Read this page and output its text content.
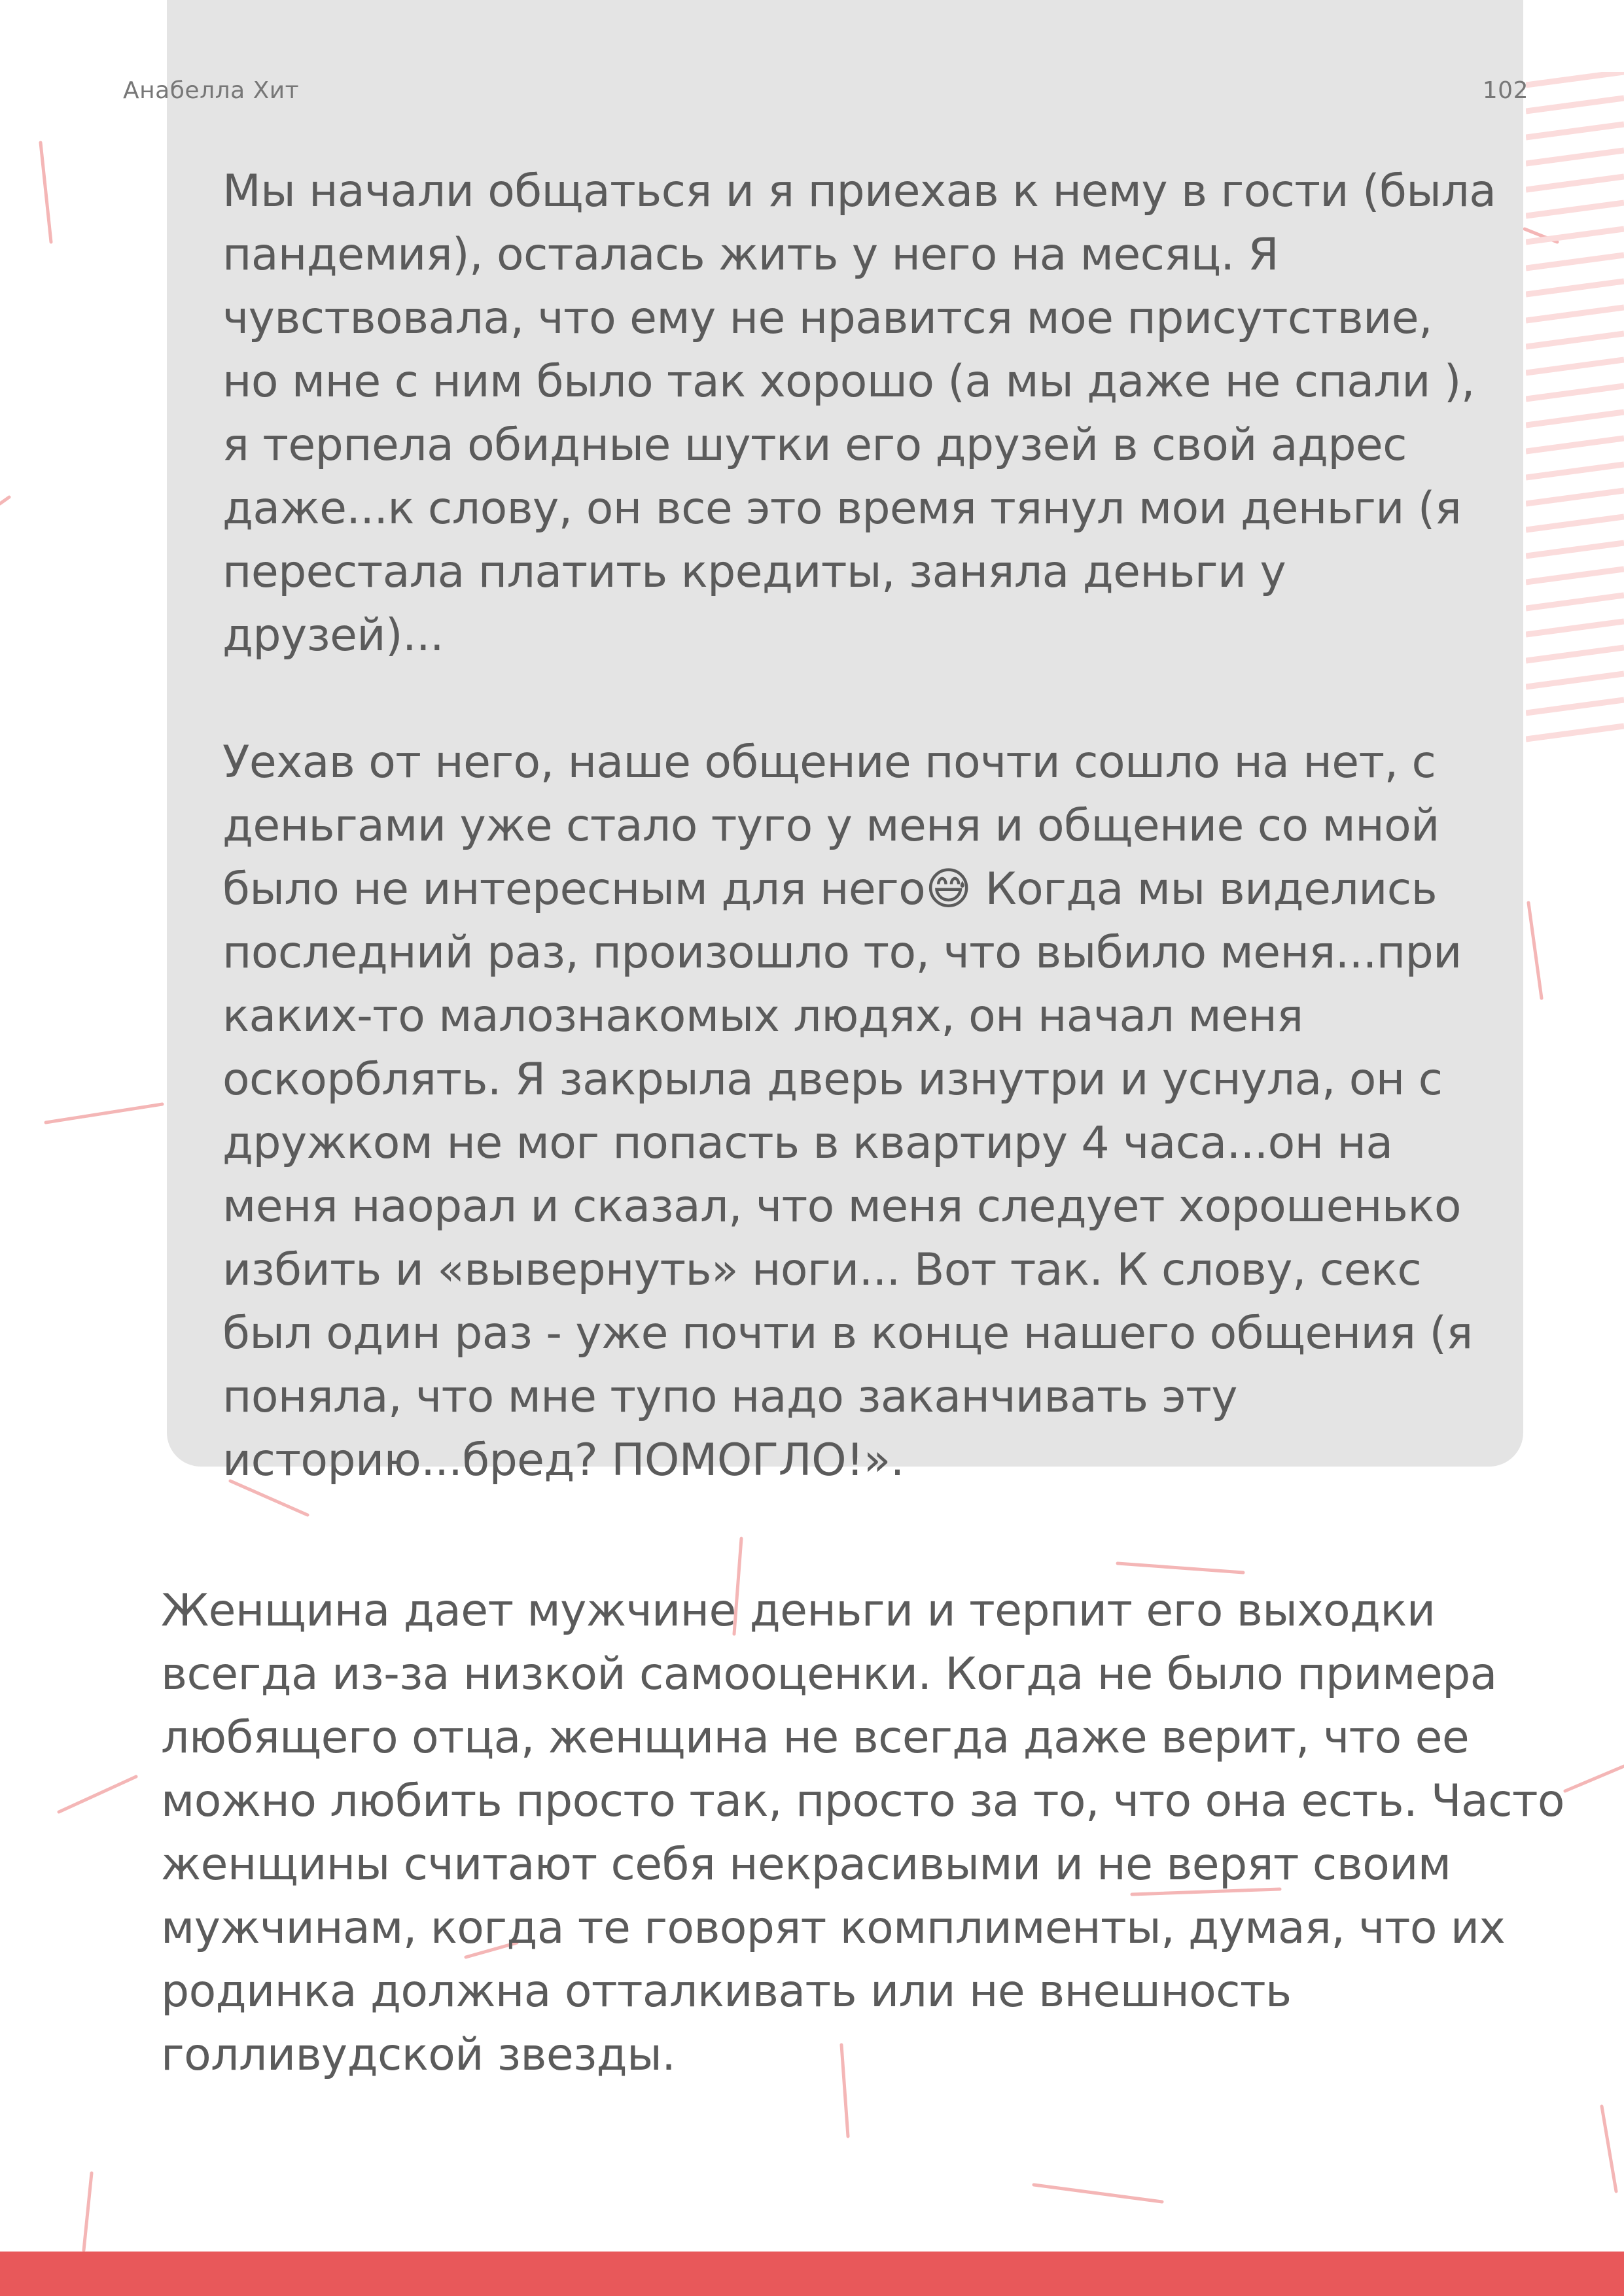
Анабелла Хит	102

Мы начали общаться и я приехав к нему в гости (была пандемия), осталась жить у него на месяц. Я чувствовала, что ему не нравится мое присутствие, но мне с ним было так хорошо (а мы даже не спали ), я терпела обидные шутки его друзей в свой адрес даже...к слову, он все это время тянул мои деньги (я перестала платить кредиты, заняла деньги у друзей)...

Уехав от него, наше общение почти сошло на нет, с деньгами уже стало туго у меня и общение со мной было не интересным для него😅 Когда мы виделись последний раз, произошло то, что выбило меня...при каких-то малознакомых людях, он начал меня оскорблять. Я закрыла дверь изнутри и уснула, он с дружком не мог попасть в квартиру 4 часа...он на меня наорал и сказал, что меня следует хорошенько избить и «вывернуть» ноги... Вот так. К слову, секс был один раз - уже почти в конце нашего общения (я поняла, что мне тупо надо заканчивать эту историю...бред? ПОМОГЛО!».

Женщина дает мужчине деньги и терпит его выходки всегда из-за низкой самооценки. Когда не было примера любящего отца, женщина не всегда даже верит, что ее можно любить просто так, просто за то, что она есть. Часто женщины считают себя некрасивыми и не верят своим мужчинам, когда те говорят комплименты, думая, что их родинка должна отталкивать или не внешность голливудской звезды.
